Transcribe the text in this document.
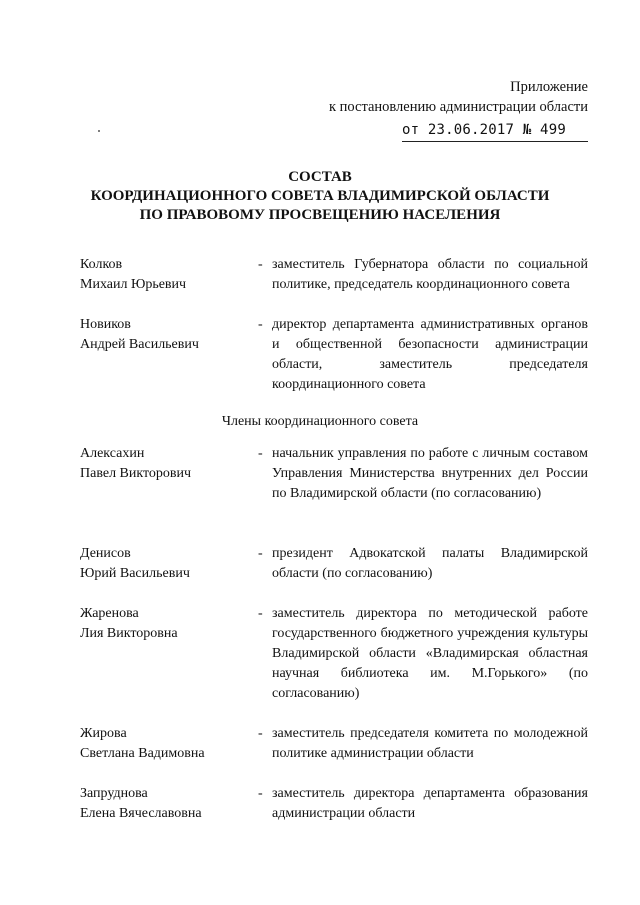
Приложение
к постановлению администрации области
от 23.06.2017 № 499
СОСТАВ
КООРДИНАЦИОННОГО СОВЕТА ВЛАДИМИРСКОЙ ОБЛАСТИ
ПО ПРАВОВОМУ ПРОСВЕЩЕНИЮ НАСЕЛЕНИЯ
Колков
Михаил Юрьевич
- заместитель Губернатора области по социальной политике, председатель координационного совета
Новиков
Андрей Васильевич
- директор департамента административных органов и общественной безопасности администрации области, заместитель председателя координационного совета
Члены координационного совета
Алексахин
Павел Викторович
- начальник управления по работе с личным составом Управления Министерства внутренних дел России по Владимирской области (по согласованию)
Денисов
Юрий Васильевич
- президент Адвокатской палаты Владимирской области (по согласованию)
Жаренова
Лия Викторовна
- заместитель директора по методической работе государственного бюджетного учреждения культуры Владимирской области «Владимирская областная научная библиотека им. М.Горького» (по согласованию)
Жирова
Светлана Вадимовна
- заместитель председателя комитета по молодежной политике администрации области
Запруднова
Елена Вячеславовна
- заместитель директора департамента образования администрации области
